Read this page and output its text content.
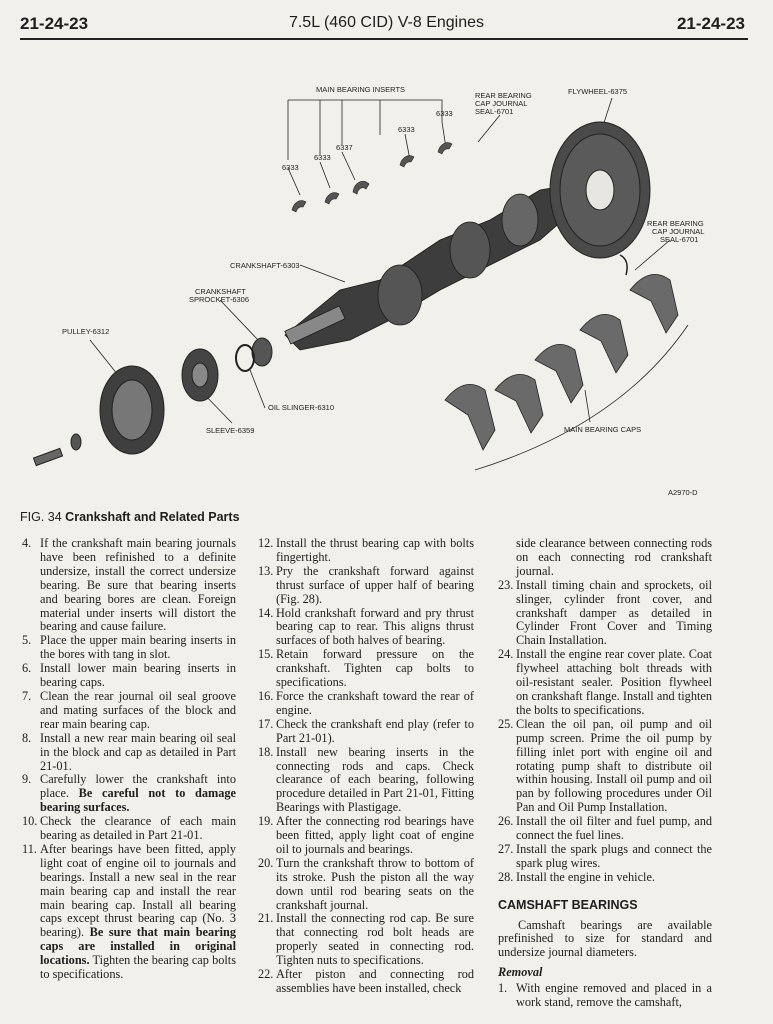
21-24-23	7.5L (460 CID) V-8 Engines	21-24-23
MAIN BEARING INSERTS
6333
6333
6337
6333
6333
REAR BEARING CAP JOURNAL SEAL-6701
FLYWHEEL-6375
REAR BEARING CAP JOURNAL SEAL-6701
CRANKSHAFT-6303
CRANKSHAFT SPROCKET-6306
PULLEY-6312
OIL SLINGER-6310
SLEEVE-6359	MAIN BEARING CAPS
A2970-D
FIG. 34 Crankshaft and Related Parts
4. If the crankshaft main bearing journals have been refinished to a definite undersize, install the correct undersize bearing. Be sure that bearing inserts and bearing bores are clean. Foreign material under inserts will distort the bearing and cause failure.
5. Place the upper main bearing inserts in the bores with tang in slot.
6. Install lower main bearing inserts in bearing caps.
7. Clean the rear journal oil seal groove and mating surfaces of the block and rear main bearing cap.
8. Install a new rear main bearing oil seal in the block and cap as detailed in Part 21-01.
9. Carefully lower the crankshaft into place. Be careful not to damage bearing surfaces.
10. Check the clearance of each main bearing as detailed in Part 21-01.
11. After bearings have been fitted, apply light coat of engine oil to journals and bearings. Install a new seal in the rear main bearing cap and install the rear main bearing cap. Install all bearing caps except thrust bearing cap (No. 3 bearing). Be sure that main bearing caps are installed in original locations. Tighten the bearing cap bolts to specifications.
12. Install the thrust bearing cap with bolts fingertight.
13. Pry the crankshaft forward against thrust surface of upper half of bearing (Fig. 28).
14. Hold crankshaft forward and pry thrust bearing cap to rear. This aligns thrust surfaces of both halves of bearing.
15. Retain forward pressure on the crankshaft. Tighten cap bolts to specifications.
16. Force the crankshaft toward the rear of engine.
17. Check the crankshaft end play (refer to Part 21-01).
18. Install new bearing inserts in the connecting rods and caps. Check clearance of each bearing, following procedure detailed in Part 21-01, Fitting Bearings with Plastigage.
19. After the connecting rod bearings have been fitted, apply light coat of engine oil to journals and bearings.
20. Turn the crankshaft throw to bottom of its stroke. Push the piston all the way down until rod bearing seats on the crankshaft journal.
21. Install the connecting rod cap. Be sure that connecting rod bolt heads are properly seated in connecting rod. Tighten nuts to specifications.
22. After piston and connecting rod assemblies have been installed, check
side clearance between connecting rods on each connecting rod crankshaft journal.
23. Install timing chain and sprockets, oil slinger, cylinder front cover, and crankshaft damper as detailed in Cylinder Front Cover and Timing Chain Installation.
24. Install the engine rear cover plate. Coat flywheel attaching bolt threads with oil-resistant sealer. Position flywheel on crankshaft flange. Install and tighten the bolts to specifications.
25. Clean the oil pan, oil pump and oil pump screen. Prime the oil pump by filling inlet port with engine oil and rotating pump shaft to distribute oil within housing. Install oil pump and oil pan by following procedures under Oil Pan and Oil Pump Installation.
26. Install the oil filter and fuel pump, and connect the fuel lines.
27. Install the spark plugs and connect the spark plug wires.
28. Install the engine in vehicle.
CAMSHAFT BEARINGS
Camshaft bearings are available prefinished to size for standard and undersize journal diameters.
Removal
1. With engine removed and placed in a work stand, remove the camshaft,
